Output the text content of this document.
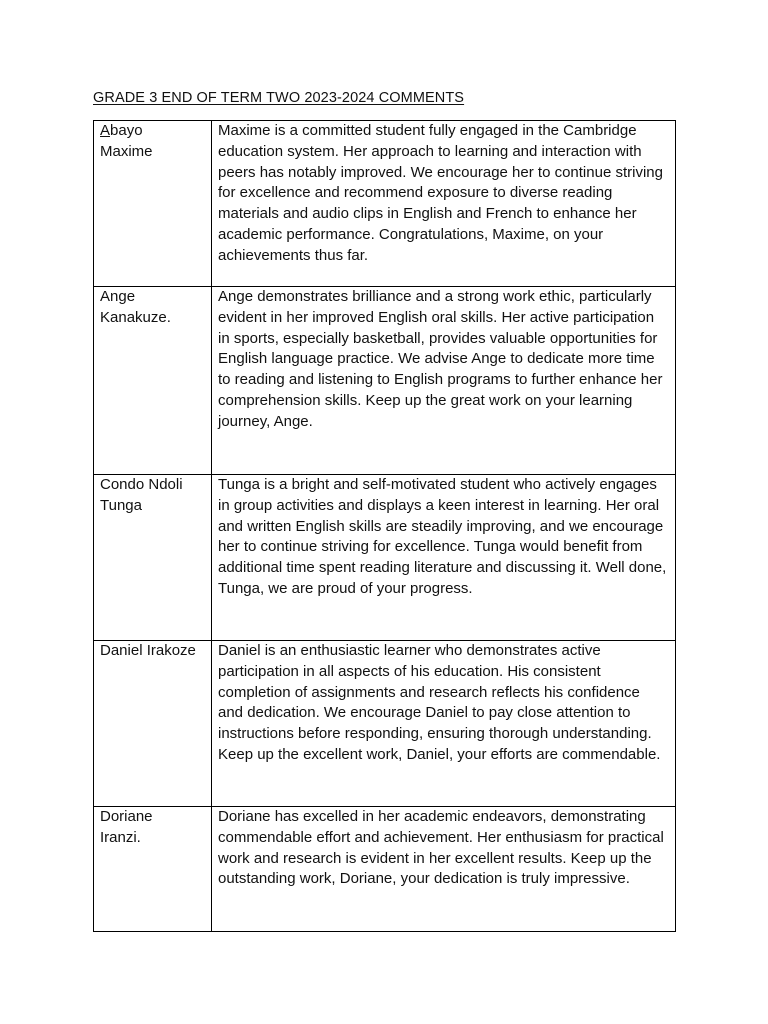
GRADE 3 END OF TERM TWO 2023-2024 COMMENTS
Abayo
Maxime	Maxime is a committed student fully engaged in the Cambridge education system. Her approach to learning and interaction with peers has notably improved. We encourage her to continue striving for excellence and recommend exposure to diverse reading materials and audio clips in English and French to enhance her academic performance. Congratulations, Maxime, on your achievements thus far.

Ange
Kanakuze.	Ange demonstrates brilliance and a strong work ethic, particularly evident in her improved English oral skills. Her active participation in sports, especially basketball, provides valuable opportunities for English language practice. We advise Ange to dedicate more time to reading and listening to English programs to further enhance her comprehension skills. Keep up the great work on your learning journey, Ange.

Condo Ndoli
Tunga	Tunga is a bright and self-motivated student who actively engages in group activities and displays a keen interest in learning. Her oral and written English skills are steadily improving, and we encourage her to continue striving for excellence. Tunga would benefit from additional time spent reading literature and discussing it. Well done, Tunga, we are proud of your progress.

Daniel Irakoze	Daniel is an enthusiastic learner who demonstrates active participation in all aspects of his education. His consistent completion of assignments and research reflects his confidence and dedication. We encourage Daniel to pay close attention to instructions before responding, ensuring thorough understanding. Keep up the excellent work, Daniel, your efforts are commendable.

Doriane
Iranzi.	Doriane has excelled in her academic endeavors, demonstrating commendable effort and achievement. Her enthusiasm for practical work and research is evident in her excellent results. Keep up the outstanding work, Doriane, your dedication is truly impressive.
